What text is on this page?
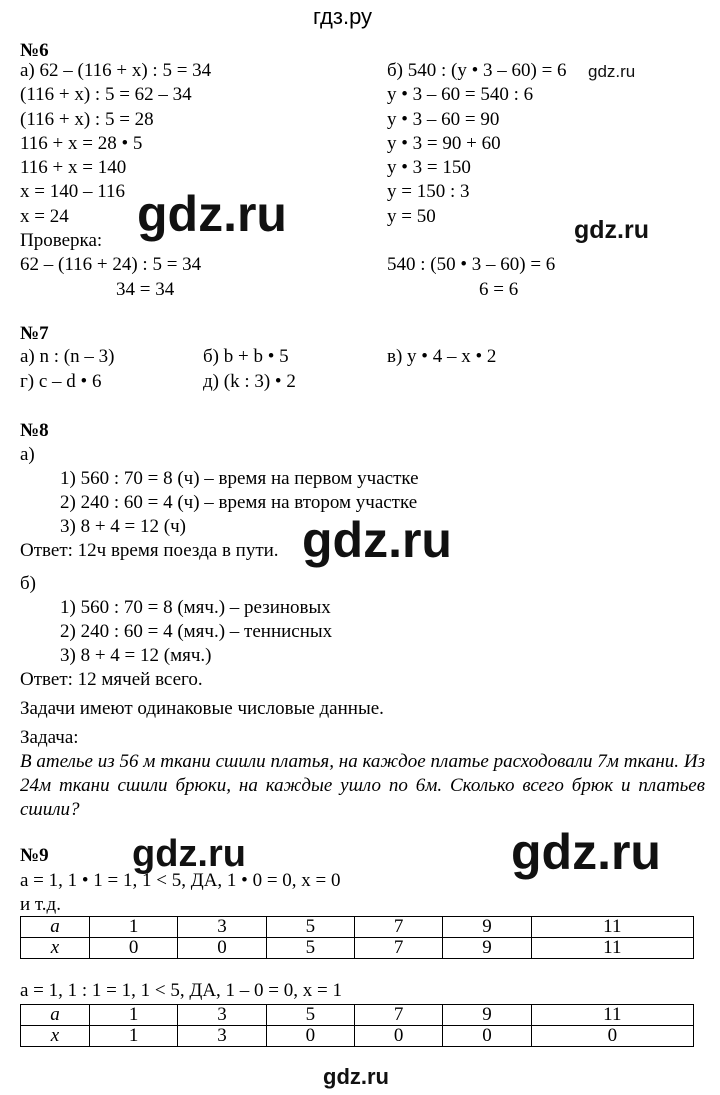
гдз.ру
№6
а) 62 – (116 + x) : 5 = 34
(116 + x) : 5 = 62 – 34
(116 + x) : 5 = 28
116 + x = 28 • 5
116 + x = 140
x = 140 – 116
x = 24
Проверка:
62 – (116 + 24) : 5 = 34
34 = 34
б) 540 : (y • 3 – 60) = 6
y • 3 – 60 = 540 : 6
y • 3 – 60 = 90
y • 3 = 90 + 60
y • 3 = 150
y = 150 : 3
y = 50

540 : (50 • 3 – 60) = 6
6 = 6
gdz.ru
gdz.ru	gdz.ru
№7
а) n : (n – 3)	б) b + b • 5	в) y • 4 – x • 2
г) c – d • 6	д) (k : 3) • 2
№8
а)
1) 560 : 70 = 8 (ч) – время на первом участке
2) 240 : 60 = 4 (ч) – время на втором участке
3) 8 + 4 = 12 (ч)
Ответ: 12ч время поезда в пути. gdz.ru
б)
1) 560 : 70 = 8 (мяч.) – резиновых
2) 240 : 60 = 4 (мяч.) – теннисных
3) 8 + 4 = 12 (мяч.)
Ответ: 12 мячей всего.
Задачи имеют одинаковые числовые данные.
Задача:
В ателье из 56 м ткани сшили платья, на каждое платье расходовали 7м ткани. Из 24м ткани сшили брюки, на каждые ушло по 6м. Сколько всего брюк и платьев сшили?
№9 gdz.ru	gdz.ru
a = 1, 1 • 1 = 1, 1 < 5, ДА, 1 • 0 = 0, x = 0
и т.д.
a	1	3	5	7	9	11
x	0	0	5	7	9	11
a = 1, 1 : 1 = 1, 1 < 5, ДА, 1 – 0 = 0, x = 1
a	1	3	5	7	9	11
x	1	3	0	0	0	0
gdz.ru
